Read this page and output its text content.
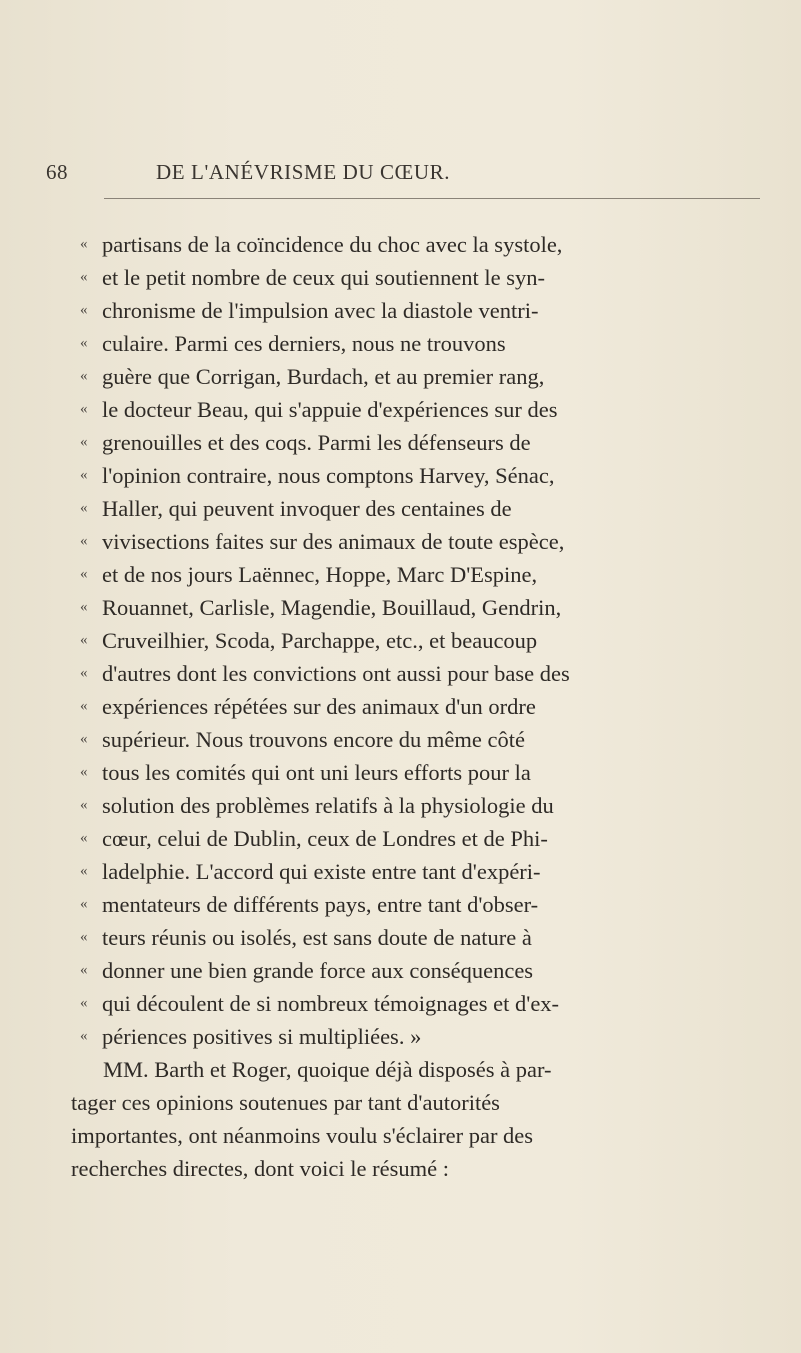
68	DE L'ANÉVRISME DU CŒUR.
« partisans de la coïncidence du choc avec la systole,
« et le petit nombre de ceux qui soutiennent le syn-
« chronisme de l'impulsion avec la diastole ventri-
« culaire. Parmi ces derniers, nous ne trouvons
« guère que Corrigan, Burdach, et au premier rang,
« le docteur Beau, qui s'appuie d'expériences sur des
« grenouilles et des coqs. Parmi les défenseurs de
« l'opinion contraire, nous comptons Harvey, Sénac,
« Haller, qui peuvent invoquer des centaines de
« vivisections faites sur des animaux de toute espèce,
« et de nos jours Laënnec, Hoppe, Marc D'Espine,
« Rouannet, Carlisle, Magendie, Bouillaud, Gendrin,
« Cruveilhier, Scoda, Parchappe, etc., et beaucoup
« d'autres dont les convictions ont aussi pour base des
« expériences répétées sur des animaux d'un ordre
« supérieur. Nous trouvons encore du même côté
« tous les comités qui ont uni leurs efforts pour la
« solution des problèmes relatifs à la physiologie du
« cœur, celui de Dublin, ceux de Londres et de Phi-
« ladelphie. L'accord qui existe entre tant d'expéri-
« mentateurs de différents pays, entre tant d'obser-
« teurs réunis ou isolés, est sans doute de nature à
« donner une bien grande force aux conséquences
« qui découlent de si nombreux témoignages et d'ex-
« périences positives si multipliées. »
MM. Barth et Roger, quoique déjà disposés à par-
tager ces opinions soutenues par tant d'autorités
importantes, ont néanmoins voulu s'éclairer par des
recherches directes, dont voici le résumé :
